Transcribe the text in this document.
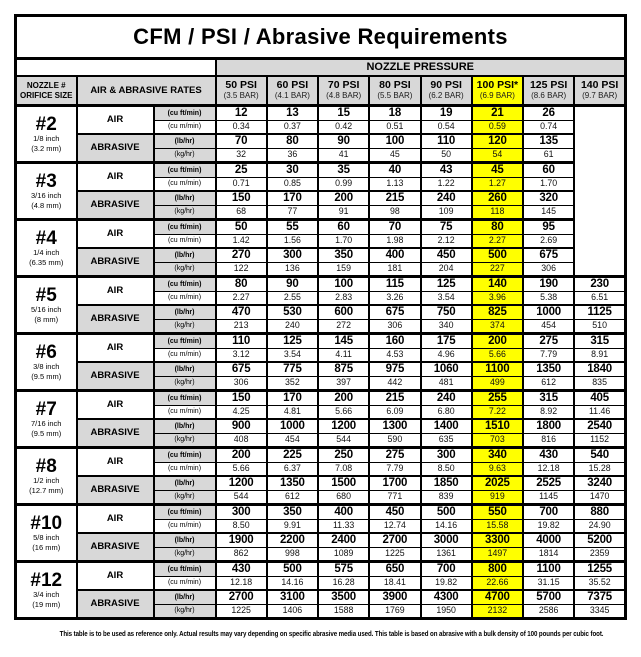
CFM / PSI / Abrasive Requirements										
			NOZZLE PRESSURE							

NOZZLE #
ORIFICE SIZE	AIR & ABRASIVE RATES	50 PSI
(3.5 BAR)

60 PSI
(4.1 BAR)

70 PSI
(4.8 BAR)

80 PSI
(5.5 BAR)

90 PSI
(6.2 BAR)

100 PSI*
(6.9 BAR)

125 PSI
(8.6 BAR)

140 PSI
(9.7 BAR)

#2
1/8 inch
(3.2 mm)	AIR	(cu ft/min)	12	13	15	18	19	21	26	
		(cu m/min)	0.34	0.37	0.42	0.51	0.54	0.59	0.74	
	ABRASIVE	(lb/hr)	70	80	90	100	110	120	135	
		(kg/hr)	32	36	41	45	50	54	61	

#3
3/16 inch
(4.8 mm)	AIR	(cu ft/min)	25	30	35	40	43	45	60	
		(cu m/min)	0.71	0.85	0.99	1.13	1.22	1.27	1.70	
	ABRASIVE	(lb/hr)	150	170	200	215	240	260	320	
		(kg/hr)	68	77	91	98	109	118	145	

#4
1/4 inch
(6.35 mm)	AIR	(cu ft/min)	50	55	60	70	75	80	95	
		(cu m/min)	1.42	1.56	1.70	1.98	2.12	2.27	2.69	
	ABRASIVE	(lb/hr)	270	300	350	400	450	500	675	
		(kg/hr)	122	136	159	181	204	227	306	

#5
5/16 inch
(8 mm)	AIR	(cu ft/min)	80	90	100	115	125	140	190	230
		(cu m/min)	2.27	2.55	2.83	3.26	3.54	3.96	5.38	6.51
	ABRASIVE	(lb/hr)	470	530	600	675	750	825	1000	1125
		(kg/hr)	213	240	272	306	340	374	454	510

#6
3/8 inch
(9.5 mm)	AIR	(cu ft/min)	110	125	145	160	175	200	275	315
		(cu m/min)	3.12	3.54	4.11	4.53	4.96	5.66	7.79	8.91
	ABRASIVE	(lb/hr)	675	775	875	975	1060	1100	1350	1840
		(kg/hr)	306	352	397	442	481	499	612	835

#7
7/16 inch
(9.5 mm)	AIR	(cu ft/min)	150	170	200	215	240	255	315	405
		(cu m/min)	4.25	4.81	5.66	6.09	6.80	7.22	8.92	11.46
	ABRASIVE	(lb/hr)	900	1000	1200	1300	1400	1510	1800	2540
		(kg/hr)	408	454	544	590	635	703	816	1152

#8
1/2 inch
(12.7 mm)	AIR	(cu ft/min)	200	225	250	275	300	340	430	540
		(cu m/min)	5.66	6.37	7.08	7.79	8.50	9.63	12.18	15.28
	ABRASIVE	(lb/hr)	1200	1350	1500	1700	1850	2025	2525	3240
		(kg/hr)	544	612	680	771	839	919	1145	1470

#10
5/8 inch
(16 mm)	AIR	(cu ft/min)	300	350	400	450	500	550	700	880
		(cu m/min)	8.50	9.91	11.33	12.74	14.16	15.58	19.82	24.90
	ABRASIVE	(lb/hr)	1900	2200	2400	2700	3000	3300	4000	5200
		(kg/hr)	862	998	1089	1225	1361	1497	1814	2359

#12
3/4 inch
(19 mm)	AIR	(cu ft/min)	430	500	575	650	700	800	1100	1255
		(cu m/min)	12.18	14.16	16.28	18.41	19.82	22.66	31.15	35.52
	ABRASIVE	(lb/hr)	2700	3100	3500	3900	4300	4700	5700	7375
		(kg/hr)	1225	1406	1588	1769	1950	2132	2586	3345
This table is to be used as reference only. Actual results may vary depending on specific abrasive media used. This table is based on abrasive with a bulk density of 100 pounds per cubic foot.
